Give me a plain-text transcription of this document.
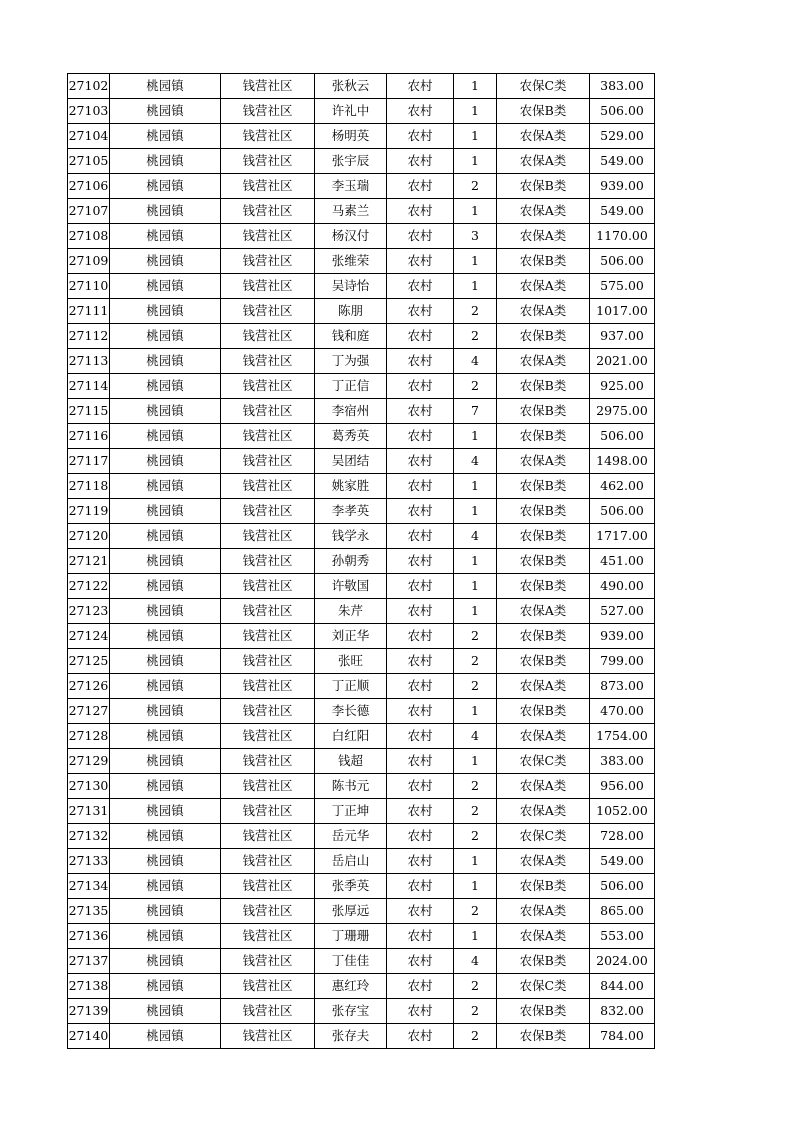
27102	桃园镇	钱营社区	张秋云	农村	1	农保C类	383.00
27103	桃园镇	钱营社区	许礼中	农村	1	农保B类	506.00
27104	桃园镇	钱营社区	杨明英	农村	1	农保A类	529.00
27105	桃园镇	钱营社区	张宇辰	农村	1	农保A类	549.00
27106	桃园镇	钱营社区	李玉瑞	农村	2	农保B类	939.00
27107	桃园镇	钱营社区	马素兰	农村	1	农保A类	549.00
27108	桃园镇	钱营社区	杨汉付	农村	3	农保A类	1170.00
27109	桃园镇	钱营社区	张维荣	农村	1	农保B类	506.00
27110	桃园镇	钱营社区	吴诗怡	农村	1	农保A类	575.00
27111	桃园镇	钱营社区	陈朋	农村	2	农保A类	1017.00
27112	桃园镇	钱营社区	钱和庭	农村	2	农保B类	937.00
27113	桃园镇	钱营社区	丁为强	农村	4	农保A类	2021.00
27114	桃园镇	钱营社区	丁正信	农村	2	农保B类	925.00
27115	桃园镇	钱营社区	李宿州	农村	7	农保B类	2975.00
27116	桃园镇	钱营社区	葛秀英	农村	1	农保B类	506.00
27117	桃园镇	钱营社区	吴团结	农村	4	农保A类	1498.00
27118	桃园镇	钱营社区	姚家胜	农村	1	农保B类	462.00
27119	桃园镇	钱营社区	李孝英	农村	1	农保B类	506.00
27120	桃园镇	钱营社区	钱学永	农村	4	农保B类	1717.00
27121	桃园镇	钱营社区	孙朝秀	农村	1	农保B类	451.00
27122	桃园镇	钱营社区	许敬国	农村	1	农保B类	490.00
27123	桃园镇	钱营社区	朱芹	农村	1	农保A类	527.00
27124	桃园镇	钱营社区	刘正华	农村	2	农保B类	939.00
27125	桃园镇	钱营社区	张旺	农村	2	农保B类	799.00
27126	桃园镇	钱营社区	丁正顺	农村	2	农保A类	873.00
27127	桃园镇	钱营社区	李长德	农村	1	农保B类	470.00
27128	桃园镇	钱营社区	白红阳	农村	4	农保A类	1754.00
27129	桃园镇	钱营社区	钱超	农村	1	农保C类	383.00
27130	桃园镇	钱营社区	陈书元	农村	2	农保A类	956.00
27131	桃园镇	钱营社区	丁正坤	农村	2	农保A类	1052.00
27132	桃园镇	钱营社区	岳元华	农村	2	农保C类	728.00
27133	桃园镇	钱营社区	岳启山	农村	1	农保A类	549.00
27134	桃园镇	钱营社区	张季英	农村	1	农保B类	506.00
27135	桃园镇	钱营社区	张厚远	农村	2	农保A类	865.00
27136	桃园镇	钱营社区	丁珊珊	农村	1	农保A类	553.00
27137	桃园镇	钱营社区	丁佳佳	农村	4	农保B类	2024.00
27138	桃园镇	钱营社区	惠红玲	农村	2	农保C类	844.00
27139	桃园镇	钱营社区	张存宝	农村	2	农保B类	832.00
27140	桃园镇	钱营社区	张存夫	农村	2	农保B类	784.00
